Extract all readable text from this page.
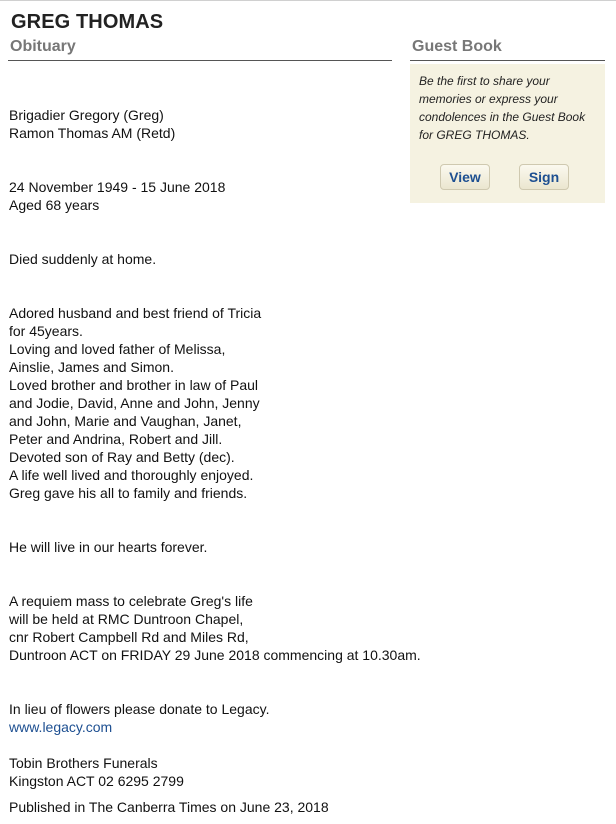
GREG THOMAS
Obituary	Guest Book
Brigadier Gregory (Greg)
Ramon Thomas AM (Retd)
24 November 1949 - 15 June 2018
Aged 68 years
Died suddenly at home.
Adored husband and best friend of Tricia
for 45years.
Loving and loved father of Melissa,
Ainslie, James and Simon.
Loved brother and brother in law of Paul
and Jodie, David, Anne and John, Jenny
and John, Marie and Vaughan, Janet,
Peter and Andrina, Robert and Jill.
Devoted son of Ray and Betty (dec).
A life well lived and thoroughly enjoyed.
Greg gave his all to family and friends.
He will live in our hearts forever.
A requiem mass to celebrate Greg's life
will be held at RMC Duntroon Chapel,
cnr Robert Campbell Rd and Miles Rd,
Duntroon ACT on FRIDAY 29 June 2018 commencing at 10.30am.
In lieu of flowers please donate to Legacy.
www.legacy.com
Tobin Brothers Funerals
Kingston ACT 02 6295 2799
Published in The Canberra Times on June 23, 2018
Be the first to share your
memories or express your
condolences in the Guest Book
for GREG THOMAS.
View	Sign
